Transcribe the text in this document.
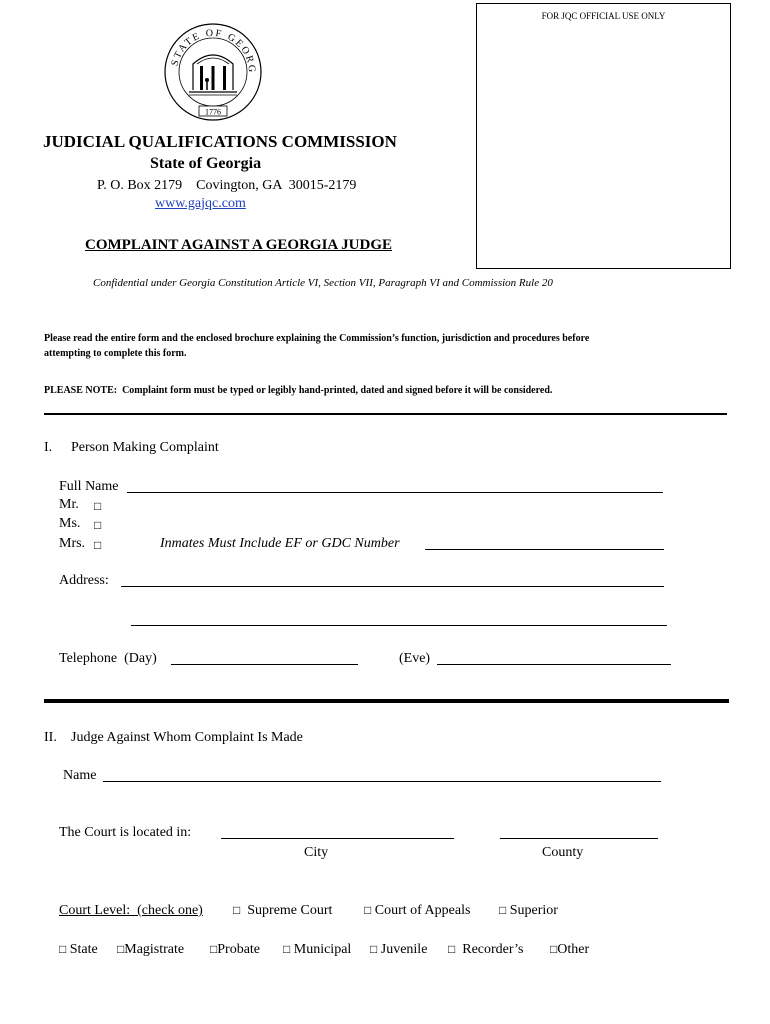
FOR JQC OFFICIAL USE ONLY
STATE OF GEORG
1776
JUDICIAL QUALIFICATIONS COMMISSION
State of Georgia
P. O. Box 2179    Covington, GA  30015-2179
www.gajqc.com
COMPLAINT AGAINST A GEORGIA JUDGE
Confidential under Georgia Constitution Article VI, Section VII, Paragraph VI and Commission Rule 20
Please read the entire form and the enclosed brochure explaining the Commission’s function, jurisdiction and procedures before
attempting to complete this form.
PLEASE NOTE:  Complaint form must be typed or legibly hand-printed, dated and signed before it will be considered.
I. Person Making Complaint
Full Name
Mr. □
Ms. □
Mrs. □	Inmates Must Include EF or GDC Number
Address:
Telephone  (Day)	(Eve)
II. Judge Against Whom Complaint Is Made
Name
The Court is located in:
City	County
Court Level:  (check one)	□ Supreme Court	□ Court of Appeals □ Superior
□ State □Magistrate □Probate □ Municipal □ Juvenile □ Recorder’s □Other
